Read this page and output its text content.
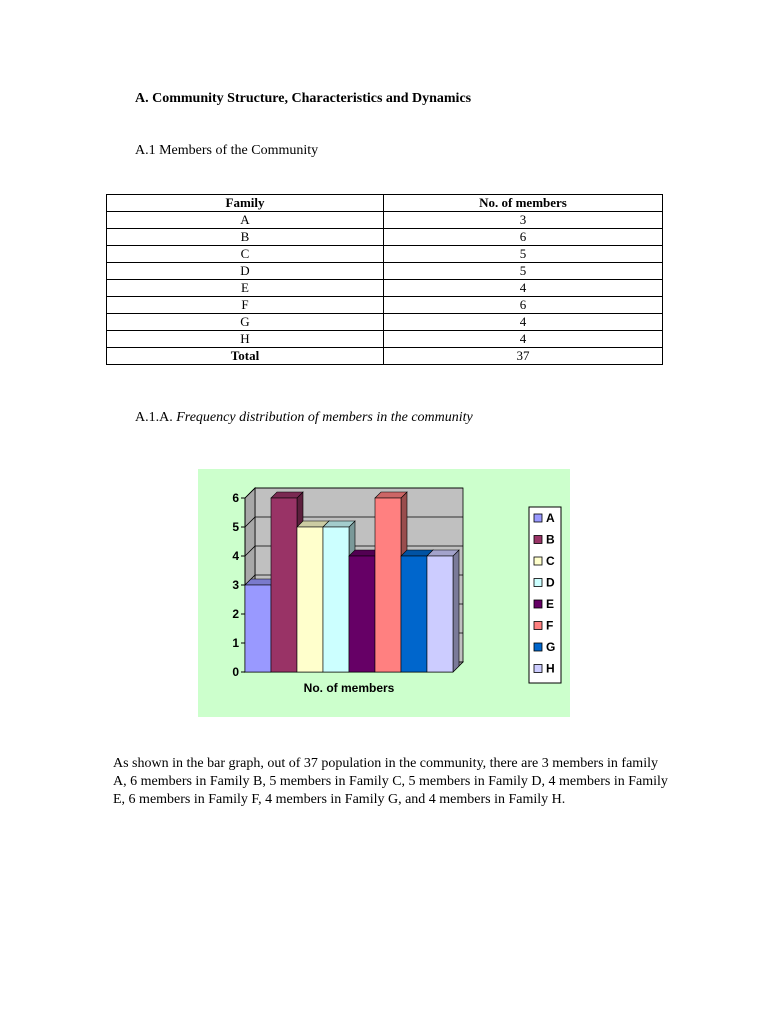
A. Community Structure, Characteristics and Dynamics
A.1 Members of the Community
Family	No. of members
A	3
B	6
C	5
D	5
E	4
F	6
G	4
H	4
Total	37
A.1.A. Frequency distribution of members in the community
0
1
2
3
4
5
6
No. of members
A
B
C
D
E
F
G
H
As shown in the bar graph, out of 37 population in the community, there are 3 members in family A, 6 members in Family B, 5 members in Family C, 5 members in Family D, 4 members in Family E, 6 members in Family F, 4 members in Family G, and 4 members in Family H.
